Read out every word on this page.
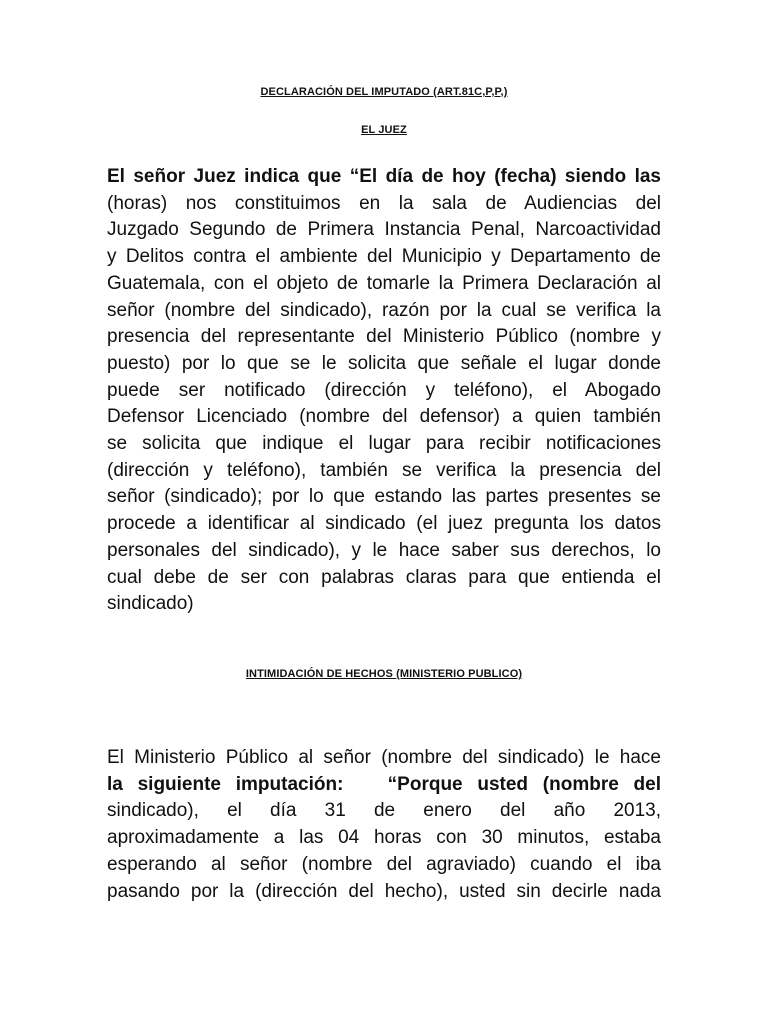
DECLARACIÓN DEL IMPUTADO (ART.81C,P,P,)
EL JUEZ

El señor Juez indica que “El día de hoy (fecha) siendo las
(horas) nos constituimos en la sala de Audiencias del
Juzgado Segundo de Primera Instancia Penal, Narcoactividad
y Delitos contra el ambiente del Municipio y Departamento de
Guatemala, con el objeto de tomarle la Primera Declaración al
señor (nombre del sindicado), razón por la cual se verifica la
presencia del representante del Ministerio Público (nombre y
puesto) por lo que se le solicita que señale el lugar donde
puede ser notificado (dirección y teléfono), el Abogado
Defensor Licenciado (nombre del defensor) a quien también
se solicita que indique el lugar para recibir notificaciones
(dirección y teléfono), también se verifica la presencia del
señor (sindicado); por lo que estando las partes presentes se
procede a identificar al sindicado (el juez pregunta los datos
personales del sindicado), y le hace saber sus derechos, lo
cual debe de ser con palabras claras para que entienda el
sindicado)

INTIMIDACIÓN DE HECHOS (MINISTERIO PUBLICO)

El Ministerio Público al señor (nombre del sindicado) le hace
la siguiente imputación:   “Porque usted (nombre del
sindicado), el día 31 de enero del año 2013,
aproximadamente a las 04 horas con 30 minutos, estaba
esperando al señor (nombre del agraviado) cuando el iba
pasando por la (dirección del hecho), usted sin decirle nada
